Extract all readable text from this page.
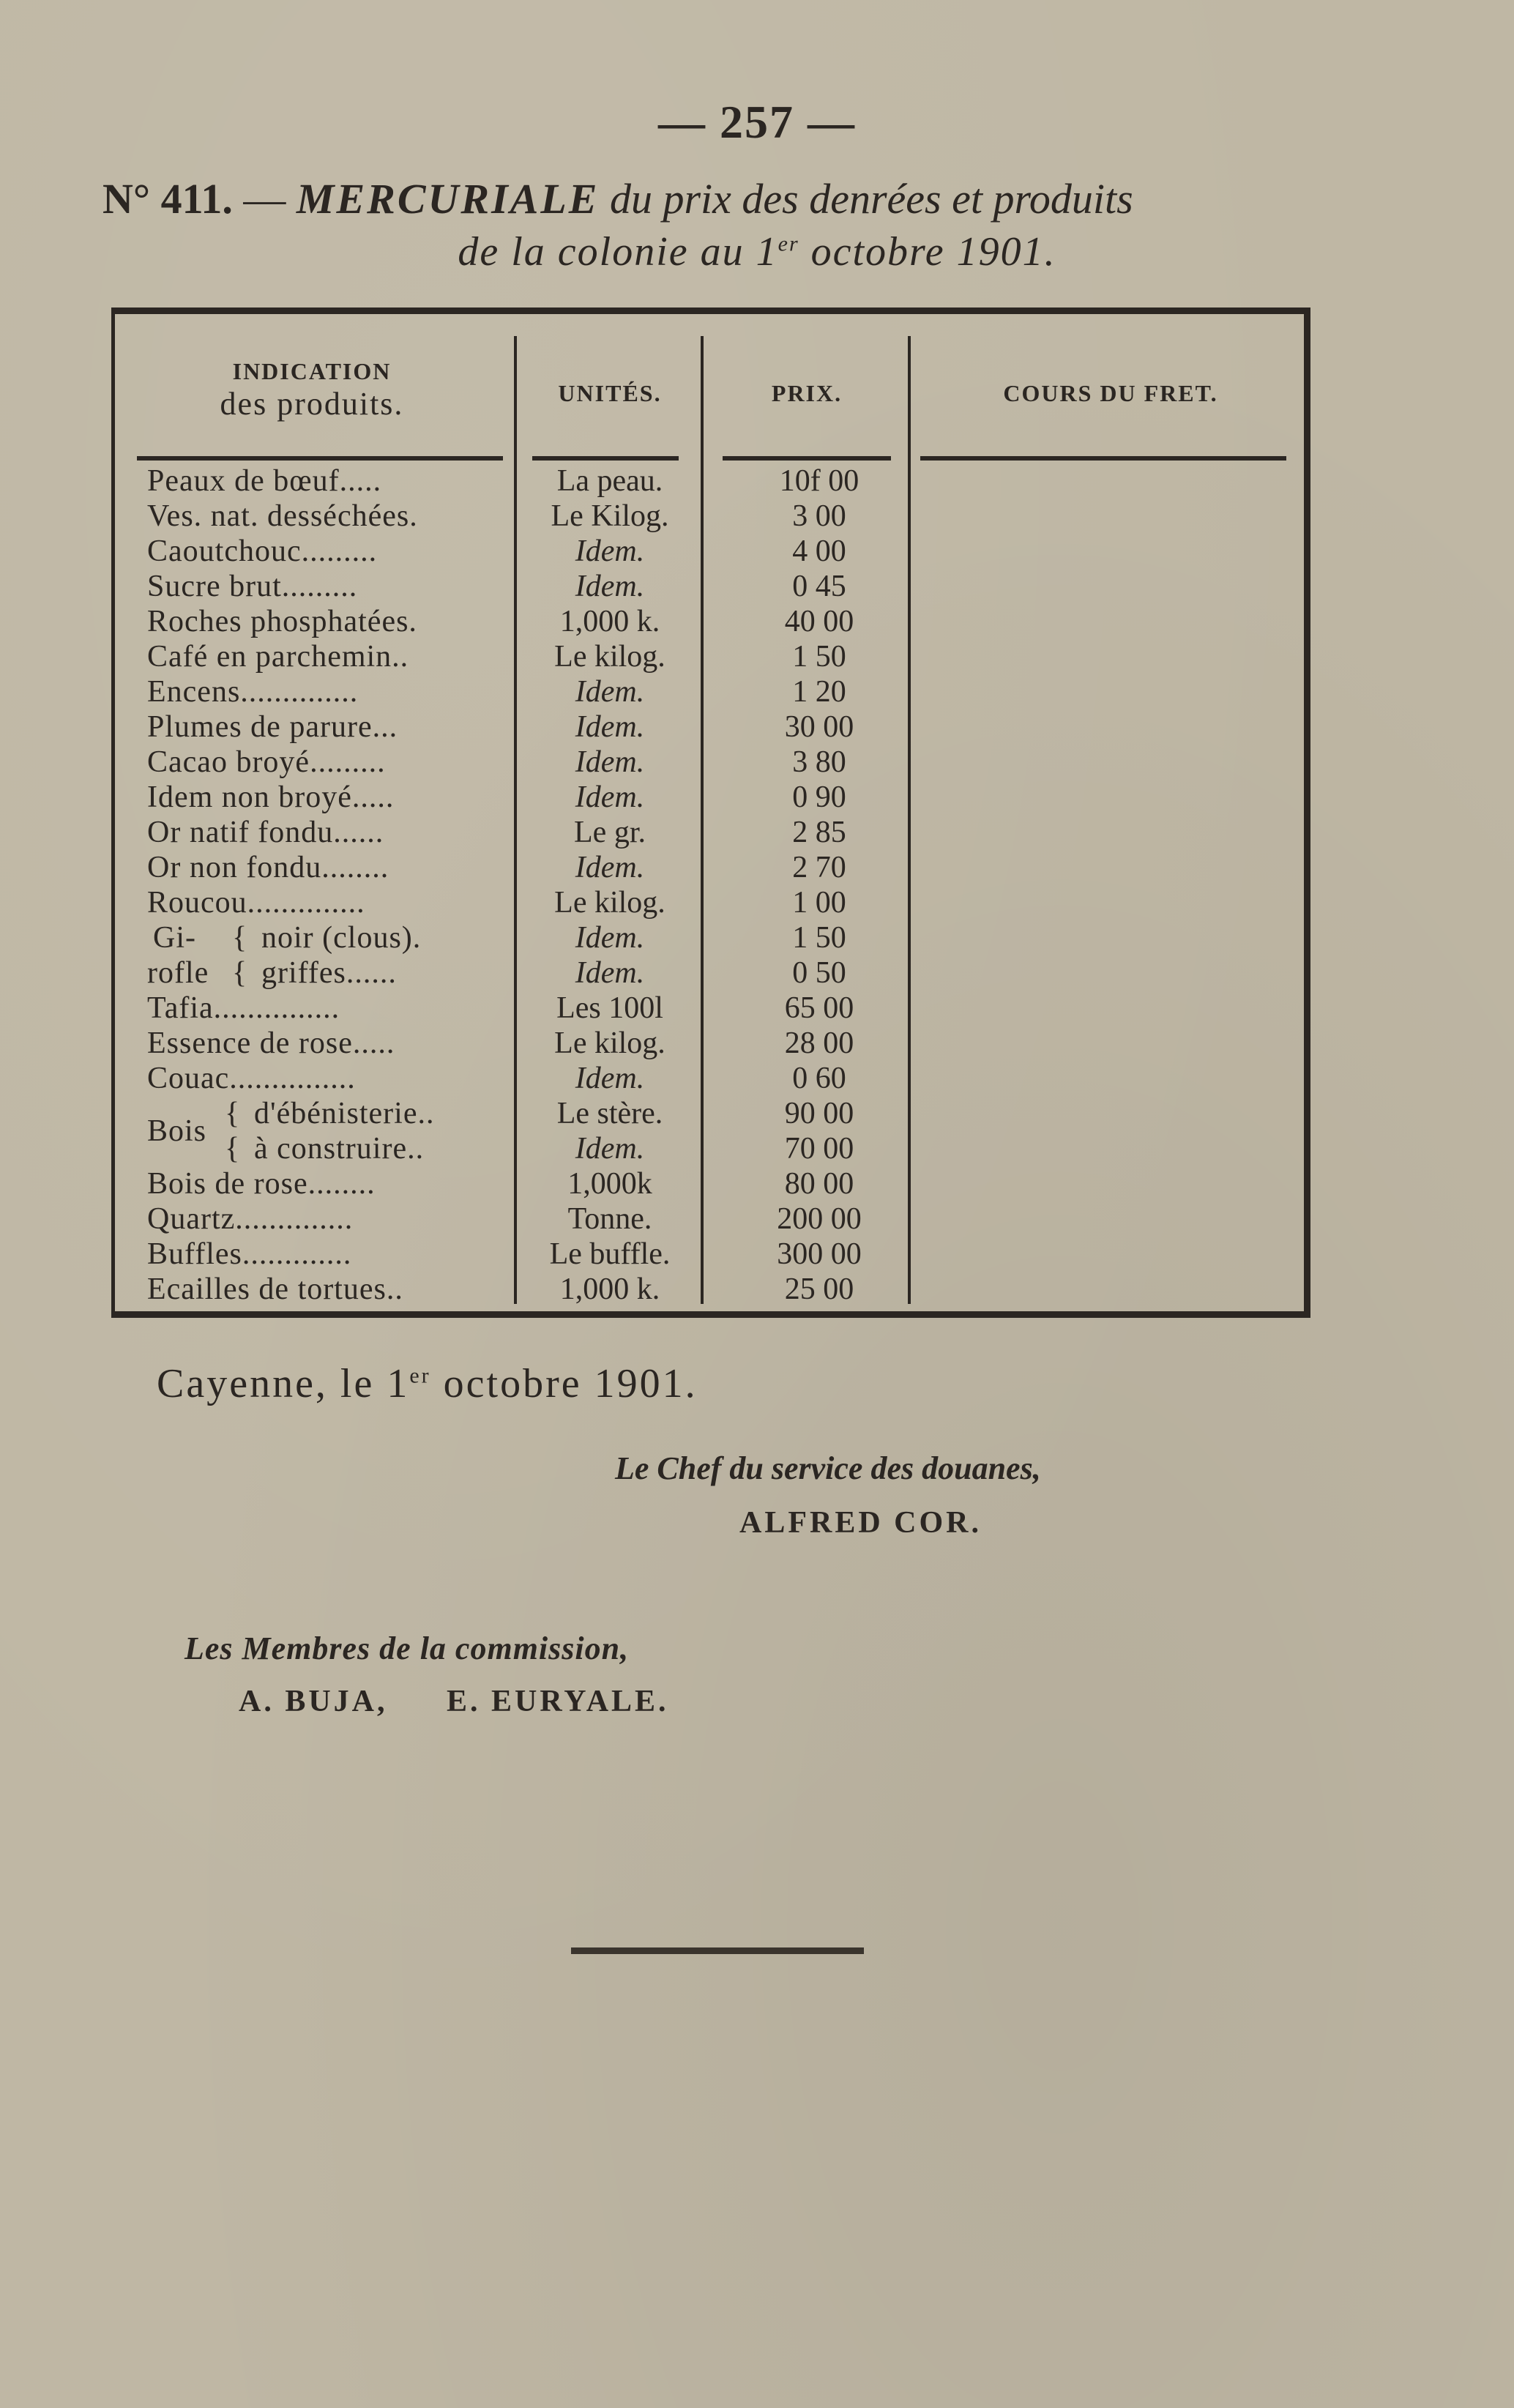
— 257 —
N° 411. — MERCURIALE du prix des denrées et produits
de la colonie au 1er octobre 1901.
INDICATION
des produits.	UNITÉS.	PRIX.	COURS DU FRET.
Peaux de bœuf.....	La peau.	10f 00
Ves. nat. desséchées.	Le Kilog.	3 00
Caoutchouc.........	Idem.	4 00
Sucre brut.........	Idem.	0 45
Roches phosphatées.	1,000 k.	40 00
Café en parchemin..	Le kilog.	1 50
Encens..............	Idem.	1 20
Plumes de parure...	Idem.	30 00
Cacao broyé.........	Idem.	3 80
Idem non broyé.....	Idem.	0 90
Or natif fondu......	Le gr.	2 85
Or non fondu........	Idem.	2 70
Roucou..............	Le kilog.	1 00
Gi- { noir (clous).	Idem.	1 50
rofle { griffes......	Idem.	0 50
Tafia...............	Les 100l	65 00
Essence de rose.....	Le kilog.	28 00
Couac...............	Idem.	0 60
Bois
{ d'ébénisterie..	Le stère.	90 00
{ à construire..	Idem.	70 00
Bois de rose........	1,000k	80 00
Quartz..............	Tonne.	200 00
Buffles.............	Le buffle.	300 00
Ecailles de tortues..	1,000 k.	25 00
Cayenne, le 1er octobre 1901.
Le Chef du service des douanes,
ALFRED COR.
Les Membres de la commission,
A. BUJA, E. EURYALE.
